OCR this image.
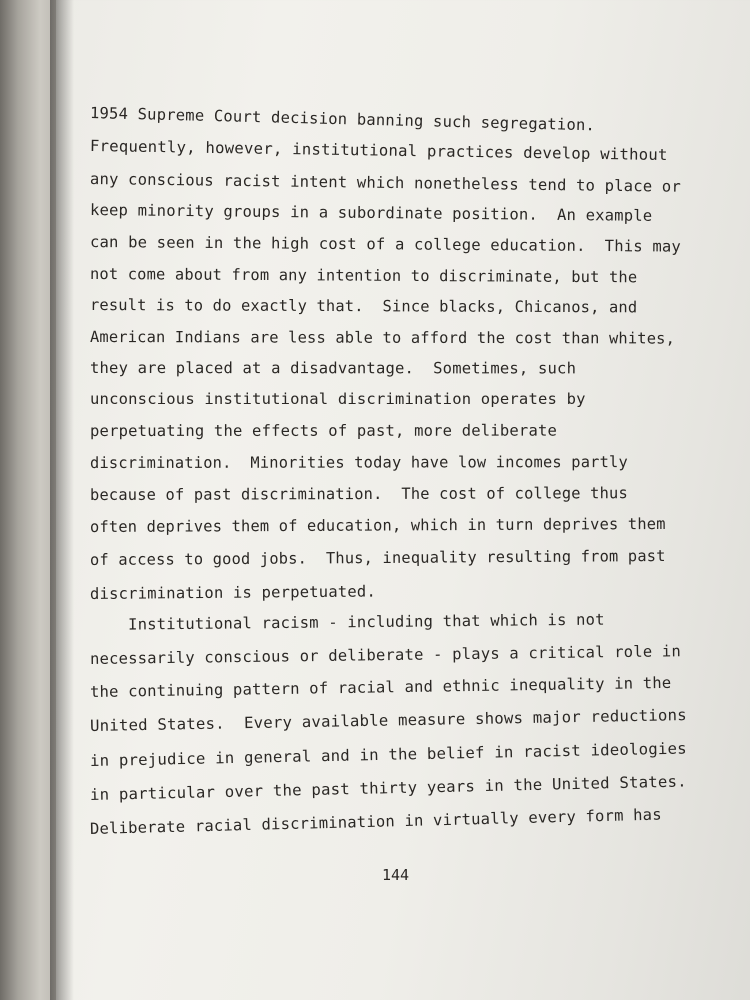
1954 Supreme Court decision banning such segregation.
Frequently, however, institutional practices develop without
any conscious racist intent which nonetheless tend to place or
keep minority groups in a subordinate position.  An example
can be seen in the high cost of a college education.  This may
not come about from any intention to discriminate, but the
result is to do exactly that.  Since blacks, Chicanos, and
American Indians are less able to afford the cost than whites,
they are placed at a disadvantage.  Sometimes, such
unconscious institutional discrimination operates by
perpetuating the effects of past, more deliberate
discrimination.  Minorities today have low incomes partly
because of past discrimination.  The cost of college thus
often deprives them of education, which in turn deprives them
of access to good jobs.  Thus, inequality resulting from past
discrimination is perpetuated.
Institutional racism - including that which is not
necessarily conscious or deliberate - plays a critical role in
the continuing pattern of racial and ethnic inequality in the
United States.  Every available measure shows major reductions
in prejudice in general and in the belief in racist ideologies
in particular over the past thirty years in the United States.
Deliberate racial discrimination in virtually every form has
144
